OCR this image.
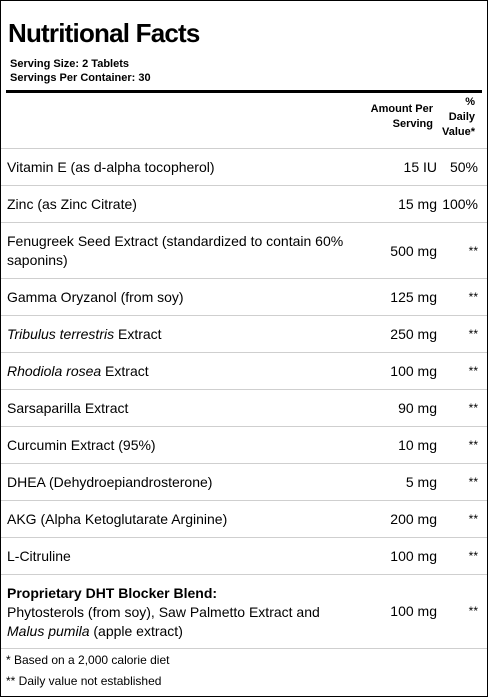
Nutritional Facts
Serving Size: 2 Tablets
Servings Per Container: 30
Amount Per
Serving
%
Daily
Value*
Vitamin E (as d-alpha tocopherol)	15 IU 50%
Zinc (as Zinc Citrate)	15 mg 100%
Fenugreek Seed Extract (standardized to contain 60% saponins)
500 mg	**
Gamma Oryzanol (from soy)	125 mg	**
Tribulus terrestris Extract	250 mg	**
Rhodiola rosea Extract	100 mg	**
Sarsaparilla Extract	90 mg	**
Curcumin Extract (95%)	10 mg	**
DHEA (Dehydroepiandrosterone)	5 mg	**
AKG (Alpha Ketoglutarate Arginine)	200 mg	**
L-Citruline	100 mg	**
Proprietary DHT Blocker Blend:
Phytosterols (from soy), Saw Palmetto Extract and
Malus pumila (apple extract)
100 mg	**
* Based on a 2,000 calorie diet
** Daily value not established
